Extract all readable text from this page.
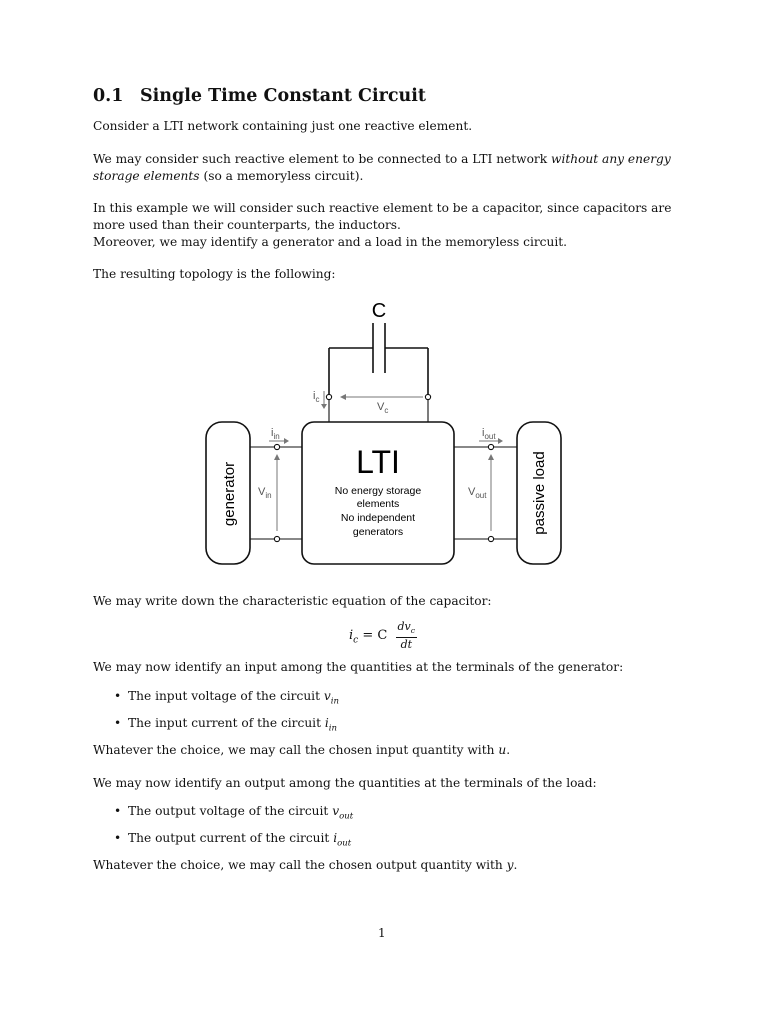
0.1 Single Time Constant Circuit
Consider a LTI network containing just one reactive element.
We may consider such reactive element to be connected to a LTI network without any energy
storage elements (so a memoryless circuit).
In this example we will consider such reactive element to be a capacitor, since capacitors are
more used than their counterparts, the inductors.
Moreover, we may identify a generator and a load in the memoryless circuit.
The resulting topology is the following:
C
$i_c$
$V_c$
LTI
No energy storage
elements
No independent
generators
generator	passive load
$i_{in}$
$V_{in}$
$i_{out}$
$V_{out}$
We may write down the characteristic equation of the capacitor:
$i_c = C \frac{dv_c}{dt}$
We may now identify an input among the quantities at the terminals of the generator:
• The input voltage of the circuit $v_{in}$
• The input current of the circuit $i_{in}$
Whatever the choice, we may call the chosen input quantity with u.
We may now identify an output among the quantities at the terminals of the load:
• The output voltage of the circuit $v_{out}$
• The output current of the circuit $i_{out}$
Whatever the choice, we may call the chosen output quantity with y.
1
